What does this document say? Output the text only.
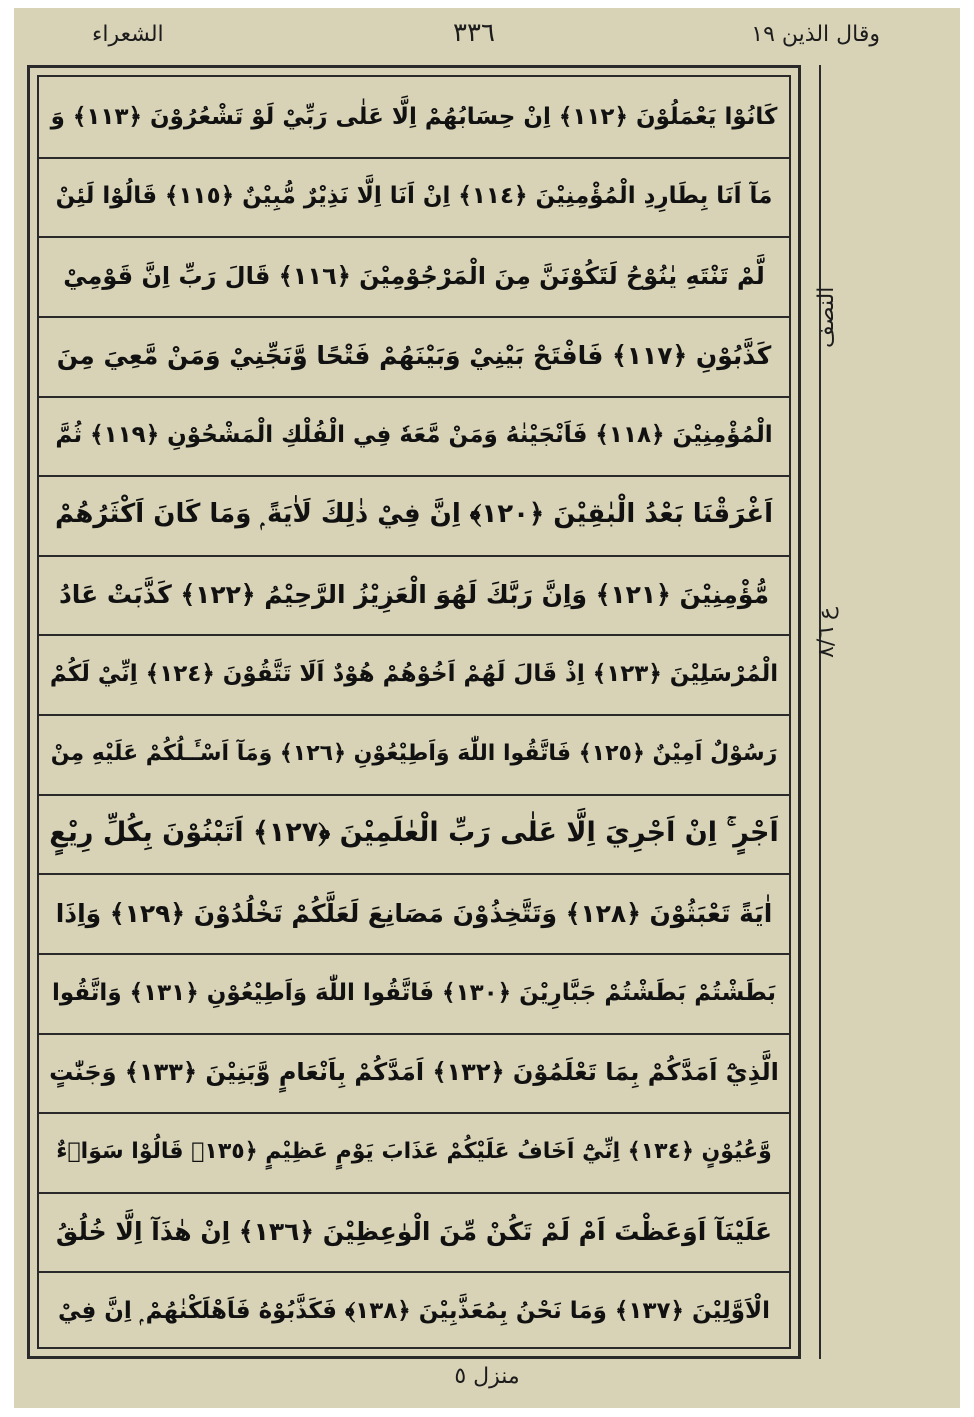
الشعراء	٣٣٦	وقال الذين ١٩
كَانُوْا يَعْمَلُوْنَ ﴿١١٢﴾ اِنْ حِسَابُهُمْ اِلَّا عَلٰى رَبِّيْ لَوْ تَشْعُرُوْنَ ﴿١١٣﴾ وَ
مَآ اَنَا بِطَارِدِ الْمُؤْمِنِيْنَ ﴿١١٤﴾ اِنْ اَنَا اِلَّا نَذِيْرٌ مُّبِيْنٌ ﴿١١٥﴾ قَالُوْا لَئِنْ
لَّمْ تَنْتَهِ يٰنُوْحُ لَتَكُوْنَنَّ مِنَ الْمَرْجُوْمِيْنَ ﴿١١٦﴾ قَالَ رَبِّ اِنَّ قَوْمِيْ
كَذَّبُوْنِ ﴿١١٧﴾ فَافْتَحْ بَيْنِيْ وَبَيْنَهُمْ فَتْحًا وَّنَجِّنِيْ وَمَنْ مَّعِيَ مِنَ
الْمُؤْمِنِيْنَ ﴿١١٨﴾ فَاَنْجَيْنٰهُ وَمَنْ مَّعَهٗ فِي الْفُلْكِ الْمَشْحُوْنِ ﴿١١٩﴾ ثُمَّ
اَغْرَقْنَا بَعْدُ الْبٰقِيْنَ ﴿١٢٠﴾ اِنَّ فِيْ ذٰلِكَ لَاٰيَةً ۭ وَمَا كَانَ اَكْثَرُهُمْ
مُّؤْمِنِيْنَ ﴿١٢١﴾ وَاِنَّ رَبَّكَ لَهُوَ الْعَزِيْزُ الرَّحِيْمُ ﴿١٢٢﴾ كَذَّبَتْ عَادُ
الْمُرْسَلِيْنَ ﴿١٢٣﴾ اِذْ قَالَ لَهُمْ اَخُوْهُمْ هُوْدٌ اَلَا تَتَّقُوْنَ ﴿١٢٤﴾ اِنِّيْ لَكُمْ
رَسُوْلٌ اَمِيْنٌ ﴿١٢٥﴾ فَاتَّقُوا اللّٰهَ وَاَطِيْعُوْنِ ﴿١٢٦﴾ وَمَآ اَسْـَٔـلُكُمْ عَلَيْهِ مِنْ
اَجْرٍ ۚ اِنْ اَجْرِيَ اِلَّا عَلٰى رَبِّ الْعٰلَمِيْنَ ﴿١٢٧﴾ اَتَبْنُوْنَ بِكُلِّ رِيْعٍ
اٰيَةً تَعْبَثُوْنَ ﴿١٢٨﴾ وَتَتَّخِذُوْنَ مَصَانِعَ لَعَلَّكُمْ تَخْلُدُوْنَ ﴿١٢٩﴾ وَاِذَا
بَطَشْتُمْ بَطَشْتُمْ جَبَّارِيْنَ ﴿١٣٠﴾ فَاتَّقُوا اللّٰهَ وَاَطِيْعُوْنِ ﴿١٣١﴾ وَاتَّقُوا
الَّذِيْٓ اَمَدَّكُمْ بِمَا تَعْلَمُوْنَ ﴿١٣٢﴾ اَمَدَّكُمْ بِاَنْعَامٍ وَّبَنِيْنَ ﴿١٣٣﴾ وَجَنّٰتٍ
وَّعُيُوْنٍ ﴿١٣٤﴾ اِنِّيْٓ اَخَافُ عَلَيْكُمْ عَذَابَ يَوْمٍ عَظِيْمٍ ﴿١٣٥﴾ قَالُوْا سَوَاۗءٌ
عَلَيْنَآ اَوَعَظْتَ اَمْ لَمْ تَكُنْ مِّنَ الْوٰعِظِيْنَ ﴿١٣٦﴾ اِنْ هٰذَآ اِلَّا خُلُقُ
الْاَوَّلِيْنَ ﴿١٣٧﴾ وَمَا نَحْنُ بِمُعَذَّبِيْنَ ﴿١٣٨﴾ فَكَذَّبُوْهُ فَاَهْلَكْنٰهُمْ ۭ اِنَّ فِيْ
النصف
ع ٨/٦
منزل ٥
